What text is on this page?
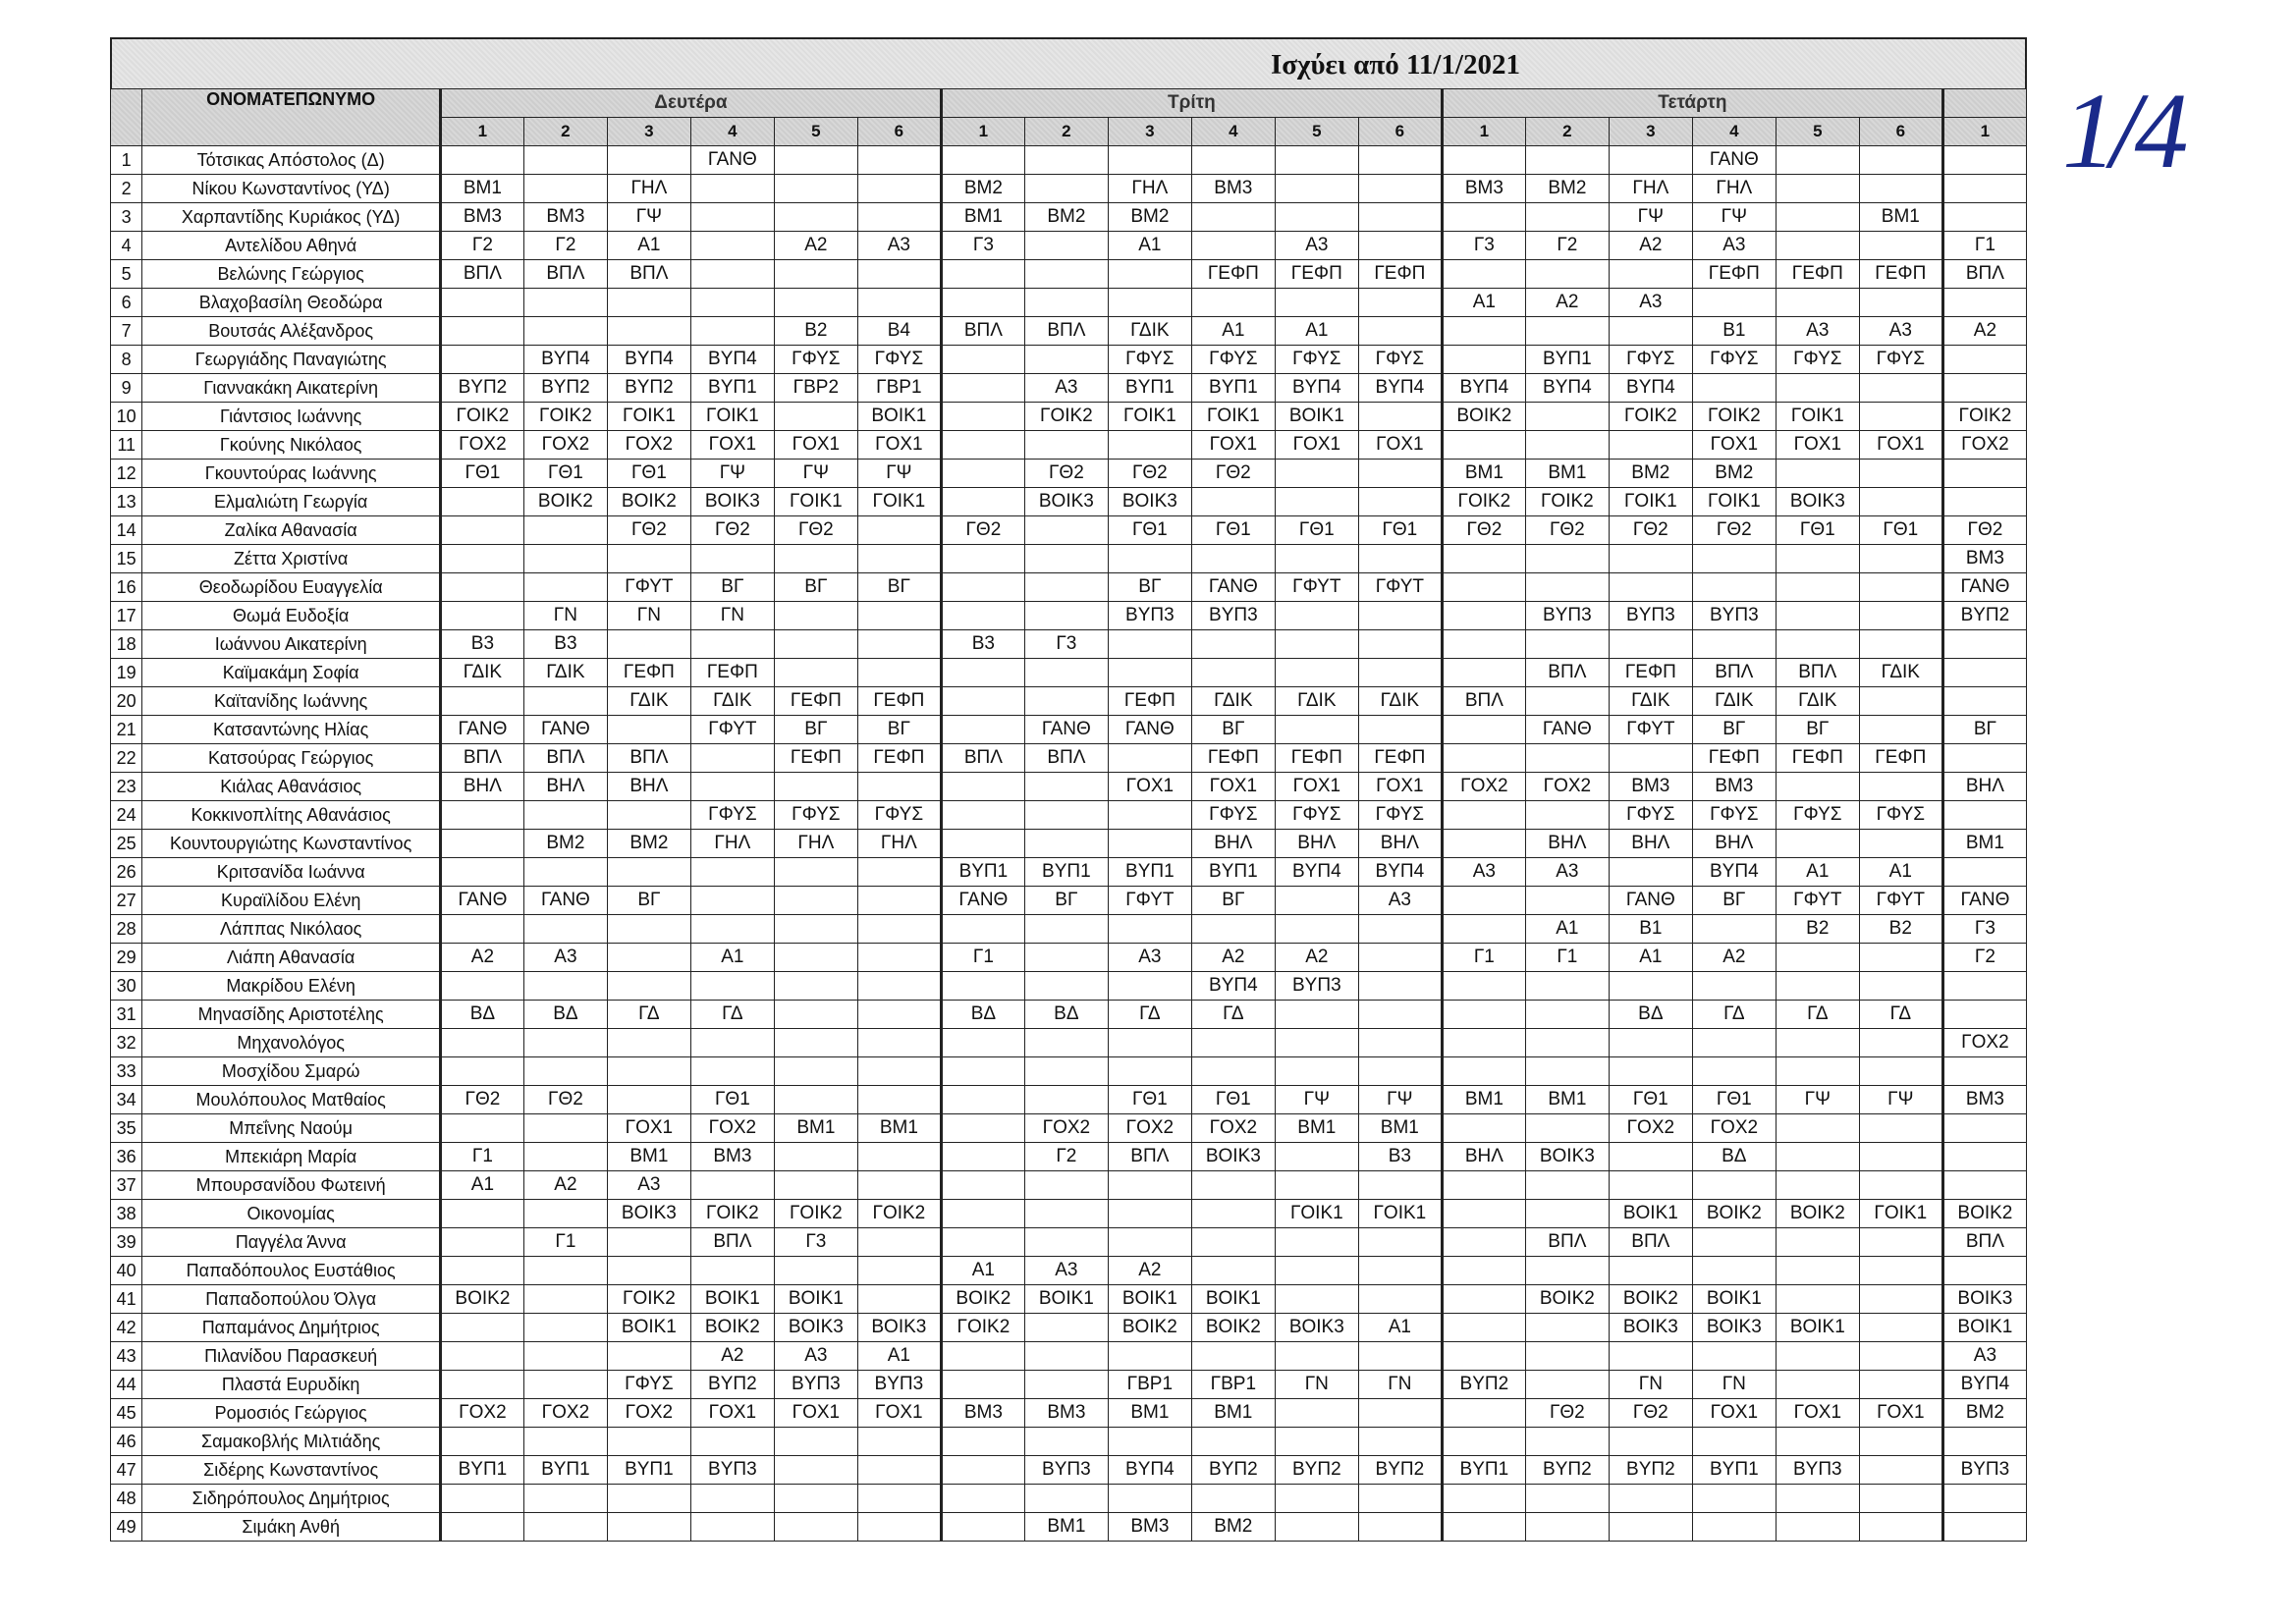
Ισχύει από 11/1/2021
	ΟΝΟΜΑΤΕΠΩΝΥΜΟ	Δευτέρα						Τρίτη						Τετάρτη						
		1	2	3	4	5	6	1	2	3	4	5	6	1	2	3	4	5	6	1
1	Τότσικας Απόστολος (Δ)				ΓΑΝΘ												ΓΑΝΘ			
2	Νίκου Κωνσταντίνος (ΥΔ)	ΒΜ1		ΓΗΛ				ΒΜ2		ΓΗΛ	ΒΜ3			ΒΜ3	ΒΜ2	ΓΗΛ	ΓΗΛ			
3	Χαρπαντίδης Κυριάκος (ΥΔ)	ΒΜ3	ΒΜ3	ΓΨ				ΒΜ1	ΒΜ2	ΒΜ2						ΓΨ	ΓΨ		ΒΜ1	
4	Αντελίδου Αθηνά	Γ2	Γ2	Α1		Α2	Α3	Γ3		Α1		Α3		Γ3	Γ2	Α2	Α3			Γ1
5	Βελώνης Γεώργιος	ΒΠΛ	ΒΠΛ	ΒΠΛ							ΓΕΦΠ	ΓΕΦΠ	ΓΕΦΠ				ΓΕΦΠ	ΓΕΦΠ	ΓΕΦΠ	ΒΠΛ
6	Βλαχοβασίλη Θεοδώρα													Α1	Α2	Α3				
7	Βουτσάς Αλέξανδρος					Β2	Β4	ΒΠΛ	ΒΠΛ	ΓΔΙΚ	Α1	Α1					Β1	Α3	Α3	Α2
8	Γεωργιάδης Παναγιώτης		ΒΥΠ4	ΒΥΠ4	ΒΥΠ4	ΓΦΥΣ	ΓΦΥΣ			ΓΦΥΣ	ΓΦΥΣ	ΓΦΥΣ	ΓΦΥΣ		ΒΥΠ1	ΓΦΥΣ	ΓΦΥΣ	ΓΦΥΣ	ΓΦΥΣ	
9	Γιαννακάκη Αικατερίνη	ΒΥΠ2	ΒΥΠ2	ΒΥΠ2	ΒΥΠ1	ΓΒΡ2	ΓΒΡ1		Α3	ΒΥΠ1	ΒΥΠ1	ΒΥΠ4	ΒΥΠ4	ΒΥΠ4	ΒΥΠ4	ΒΥΠ4				
10	Γιάντσιος Ιωάννης	ΓΟΙΚ2	ΓΟΙΚ2	ΓΟΙΚ1	ΓΟΙΚ1		ΒΟΙΚ1		ΓΟΙΚ2	ΓΟΙΚ1	ΓΟΙΚ1	ΒΟΙΚ1		ΒΟΙΚ2		ΓΟΙΚ2	ΓΟΙΚ2	ΓΟΙΚ1		ΓΟΙΚ2
11	Γκούνης Νικόλαος	ΓΟΧ2	ΓΟΧ2	ΓΟΧ2	ΓΟΧ1	ΓΟΧ1	ΓΟΧ1				ΓΟΧ1	ΓΟΧ1	ΓΟΧ1				ΓΟΧ1	ΓΟΧ1	ΓΟΧ1	ΓΟΧ2
12	Γκουντούρας Ιωάννης	ΓΘ1	ΓΘ1	ΓΘ1	ΓΨ	ΓΨ	ΓΨ		ΓΘ2	ΓΘ2	ΓΘ2			ΒΜ1	ΒΜ1	ΒΜ2	ΒΜ2			
13	Ελμαλιώτη Γεωργία		ΒΟΙΚ2	ΒΟΙΚ2	ΒΟΙΚ3	ΓΟΙΚ1	ΓΟΙΚ1		ΒΟΙΚ3	ΒΟΙΚ3				ΓΟΙΚ2	ΓΟΙΚ2	ΓΟΙΚ1	ΓΟΙΚ1	ΒΟΙΚ3		
14	Ζαλίκα Αθανασία			ΓΘ2	ΓΘ2	ΓΘ2		ΓΘ2		ΓΘ1	ΓΘ1	ΓΘ1	ΓΘ1	ΓΘ2	ΓΘ2	ΓΘ2	ΓΘ2	ΓΘ1	ΓΘ1	ΓΘ2
15	Ζέττα Χριστίνα																			ΒΜ3
16	Θεοδωρίδου Ευαγγελία			ΓΦΥΤ	ΒΓ	ΒΓ	ΒΓ			ΒΓ	ΓΑΝΘ	ΓΦΥΤ	ΓΦΥΤ							ΓΑΝΘ
17	Θωμά Ευδοξία		ΓΝ	ΓΝ	ΓΝ					ΒΥΠ3	ΒΥΠ3				ΒΥΠ3	ΒΥΠ3	ΒΥΠ3			ΒΥΠ2
18	Ιωάννου Αικατερίνη	Β3	Β3					Β3	Γ3											
19	Καϊμακάμη Σοφία	ΓΔΙΚ	ΓΔΙΚ	ΓΕΦΠ	ΓΕΦΠ										ΒΠΛ	ΓΕΦΠ	ΒΠΛ	ΒΠΛ	ΓΔΙΚ	
20	Καϊτανίδης Ιωάννης			ΓΔΙΚ	ΓΔΙΚ	ΓΕΦΠ	ΓΕΦΠ			ΓΕΦΠ	ΓΔΙΚ	ΓΔΙΚ	ΓΔΙΚ	ΒΠΛ		ΓΔΙΚ	ΓΔΙΚ	ΓΔΙΚ		
21	Κατσαντώνης Ηλίας	ΓΑΝΘ	ΓΑΝΘ		ΓΦΥΤ	ΒΓ	ΒΓ		ΓΑΝΘ	ΓΑΝΘ	ΒΓ				ΓΑΝΘ	ΓΦΥΤ	ΒΓ	ΒΓ		ΒΓ
22	Κατσούρας Γεώργιος	ΒΠΛ	ΒΠΛ	ΒΠΛ		ΓΕΦΠ	ΓΕΦΠ	ΒΠΛ	ΒΠΛ		ΓΕΦΠ	ΓΕΦΠ	ΓΕΦΠ				ΓΕΦΠ	ΓΕΦΠ	ΓΕΦΠ	
23	Κιάλας Αθανάσιος	ΒΗΛ	ΒΗΛ	ΒΗΛ						ΓΟΧ1	ΓΟΧ1	ΓΟΧ1	ΓΟΧ1	ΓΟΧ2	ΓΟΧ2	ΒΜ3	ΒΜ3			ΒΗΛ
24	Κοκκινοπλίτης Αθανάσιος				ΓΦΥΣ	ΓΦΥΣ	ΓΦΥΣ				ΓΦΥΣ	ΓΦΥΣ	ΓΦΥΣ			ΓΦΥΣ	ΓΦΥΣ	ΓΦΥΣ	ΓΦΥΣ	
25	Κουντουργιώτης Κωνσταντίνος		ΒΜ2	ΒΜ2	ΓΗΛ	ΓΗΛ	ΓΗΛ				ΒΗΛ	ΒΗΛ	ΒΗΛ		ΒΗΛ	ΒΗΛ	ΒΗΛ			ΒΜ1
26	Κριτσανίδα Ιωάννα							ΒΥΠ1	ΒΥΠ1	ΒΥΠ1	ΒΥΠ1	ΒΥΠ4	ΒΥΠ4	Α3	Α3		ΒΥΠ4	Α1	Α1	
27	Κυραϊλίδου Ελένη	ΓΑΝΘ	ΓΑΝΘ	ΒΓ				ΓΑΝΘ	ΒΓ	ΓΦΥΤ	ΒΓ		Α3			ΓΑΝΘ	ΒΓ	ΓΦΥΤ	ΓΦΥΤ	ΓΑΝΘ
28	Λάππας Νικόλαος														Α1	Β1		Β2	Β2	Γ3
29	Λιάπη Αθανασία	Α2	Α3		Α1			Γ1		Α3	Α2	Α2		Γ1	Γ1	Α1	Α2			Γ2
30	Μακρίδου Ελένη										ΒΥΠ4	ΒΥΠ3								
31	Μηνασίδης Αριστοτέλης	ΒΔ	ΒΔ	ΓΔ	ΓΔ			ΒΔ	ΒΔ	ΓΔ	ΓΔ					ΒΔ	ΓΔ	ΓΔ	ΓΔ	
32	Μηχανολόγος																			ΓΟΧ2
33	Μοσχίδου Σμαρώ																			
34	Μουλόπουλος Ματθαίος	ΓΘ2	ΓΘ2		ΓΘ1					ΓΘ1	ΓΘ1	ΓΨ	ΓΨ	ΒΜ1	ΒΜ1	ΓΘ1	ΓΘ1	ΓΨ	ΓΨ	ΒΜ3
35	Μπεΐνης Ναούμ			ΓΟΧ1	ΓΟΧ2	ΒΜ1	ΒΜ1		ΓΟΧ2	ΓΟΧ2	ΓΟΧ2	ΒΜ1	ΒΜ1			ΓΟΧ2	ΓΟΧ2			
36	Μπεκιάρη Μαρία	Γ1		ΒΜ1	ΒΜ3				Γ2	ΒΠΛ	ΒΟΙΚ3		Β3	ΒΗΛ	ΒΟΙΚ3		ΒΔ			
37	Μπουρσανίδου Φωτεινή	Α1	Α2	Α3																
38	Οικονομίας			ΒΟΙΚ3	ΓΟΙΚ2	ΓΟΙΚ2	ΓΟΙΚ2					ΓΟΙΚ1	ΓΟΙΚ1			ΒΟΙΚ1	ΒΟΙΚ2	ΒΟΙΚ2	ΓΟΙΚ1	ΒΟΙΚ2
39	Παγγέλα Άννα		Γ1		ΒΠΛ	Γ3									ΒΠΛ	ΒΠΛ				ΒΠΛ
40	Παπαδόπουλος Ευστάθιος							Α1	Α3	Α2										
41	Παπαδοπούλου Όλγα	ΒΟΙΚ2		ΓΟΙΚ2	ΒΟΙΚ1	ΒΟΙΚ1		ΒΟΙΚ2	ΒΟΙΚ1	ΒΟΙΚ1	ΒΟΙΚ1				ΒΟΙΚ2	ΒΟΙΚ2	ΒΟΙΚ1			ΒΟΙΚ3
42	Παπαμάνος Δημήτριος			ΒΟΙΚ1	ΒΟΙΚ2	ΒΟΙΚ3	ΒΟΙΚ3	ΓΟΙΚ2		ΒΟΙΚ2	ΒΟΙΚ2	ΒΟΙΚ3	Α1			ΒΟΙΚ3	ΒΟΙΚ3	ΒΟΙΚ1		ΒΟΙΚ1
43	Πιλανίδου Παρασκευή				Α2	Α3	Α1													Α3
44	Πλαστά Ευρυδίκη			ΓΦΥΣ	ΒΥΠ2	ΒΥΠ3	ΒΥΠ3			ΓΒΡ1	ΓΒΡ1	ΓΝ	ΓΝ	ΒΥΠ2		ΓΝ	ΓΝ			ΒΥΠ4
45	Ρομοσιός Γεώργιος	ΓΟΧ2	ΓΟΧ2	ΓΟΧ2	ΓΟΧ1	ΓΟΧ1	ΓΟΧ1	ΒΜ3	ΒΜ3	ΒΜ1	ΒΜ1				ΓΘ2	ΓΘ2	ΓΟΧ1	ΓΟΧ1	ΓΟΧ1	ΒΜ2
46	Σαμακοβλής Μιλτιάδης																			
47	Σιδέρης Κωνσταντίνος	ΒΥΠ1	ΒΥΠ1	ΒΥΠ1	ΒΥΠ3				ΒΥΠ3	ΒΥΠ4	ΒΥΠ2	ΒΥΠ2	ΒΥΠ2	ΒΥΠ1	ΒΥΠ2	ΒΥΠ2	ΒΥΠ1	ΒΥΠ3		ΒΥΠ3
48	Σιδηρόπουλος Δημήτριος																			
49	Σιμάκη Ανθή								ΒΜ1	ΒΜ3	ΒΜ2									
1/4
